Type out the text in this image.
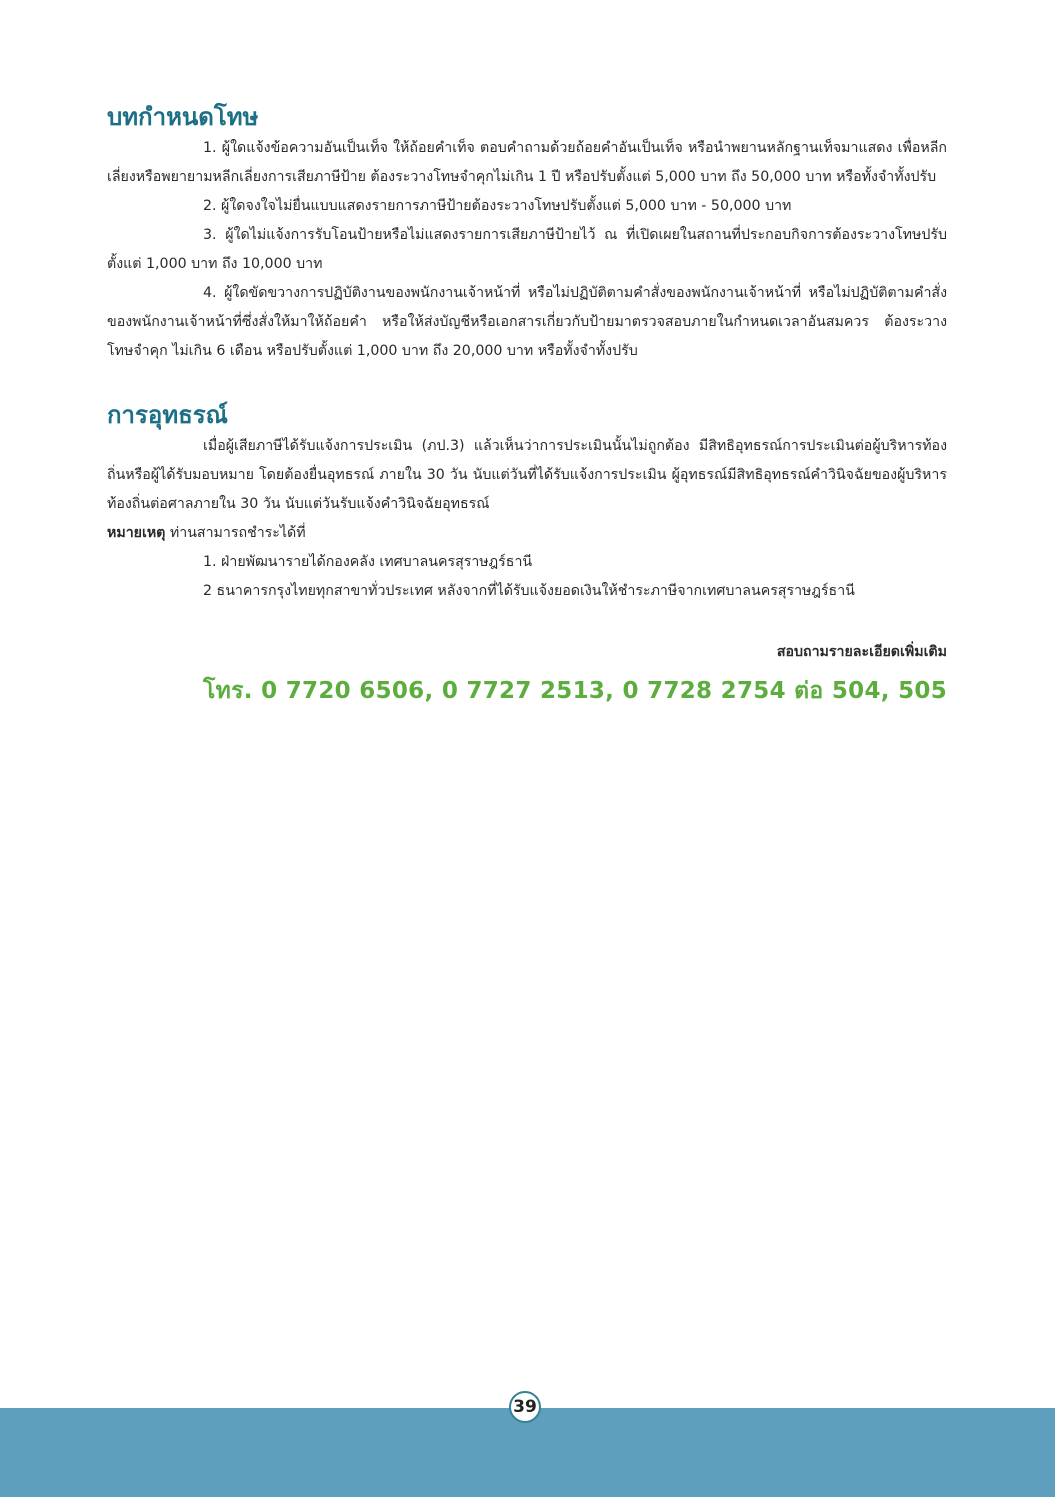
บทกำหนดโทษ

1. ผู้ใดแจ้งข้อความอันเป็นเท็จ ให้ถ้อยคำเท็จ ตอบคำถามด้วยถ้อยคำอันเป็นเท็จ หรือนำพยานหลักฐานเท็จมาแสดง เพื่อหลีกเลี่ยงหรือพยายามหลีกเลี่ยงการเสียภาษีป้าย ต้องระวางโทษจำคุกไม่เกิน 1 ปี หรือปรับตั้งแต่ 5,000 บาท ถึง 50,000 บาท หรือทั้งจำทั้งปรับ

2. ผู้ใดจงใจไม่ยื่นแบบแสดงรายการภาษีป้ายต้องระวางโทษปรับตั้งแต่ 5,000 บาท - 50,000 บาท

3. ผู้ใดไม่แจ้งการรับโอนป้ายหรือไม่แสดงรายการเสียภาษีป้ายไว้ ณ ที่เปิดเผยในสถานที่ประกอบกิจการต้องระวางโทษปรับตั้งแต่ 1,000 บาท ถึง 10,000 บาท

4. ผู้ใดขัดขวางการปฏิบัติงานของพนักงานเจ้าหน้าที่ หรือไม่ปฏิบัติตามคำสั่งของพนักงานเจ้าหน้าที่ หรือไม่ปฏิบัติตามคำสั่งของพนักงานเจ้าหน้าที่ซึ่งสั่งให้มาให้ถ้อยคำ หรือให้ส่งบัญชีหรือเอกสารเกี่ยวกับป้ายมาตรวจสอบภายในกำหนดเวลาอันสมควร ต้องระวางโทษจำคุก ไม่เกิน 6 เดือน หรือปรับตั้งแต่ 1,000 บาท ถึง 20,000 บาท หรือทั้งจำทั้งปรับ

การอุทธรณ์

เมื่อผู้เสียภาษีได้รับแจ้งการประเมิน (ภป.3) แล้วเห็นว่าการประเมินนั้นไม่ถูกต้อง มีสิทธิอุทธรณ์การประเมินต่อผู้บริหารท้องถิ่นหรือผู้ได้รับมอบหมาย โดยต้องยื่นอุทธรณ์ ภายใน 30 วัน นับแต่วันที่ได้รับแจ้งการประเมิน ผู้อุทธรณ์มีสิทธิอุทธรณ์คำวินิจฉัยของผู้บริหารท้องถิ่นต่อศาลภายใน 30 วัน นับแต่วันรับแจ้งคำวินิจฉัยอุทธรณ์

หมายเหตุ ท่านสามารถชำระได้ที่

1. ฝ่ายพัฒนารายได้กองคลัง เทศบาลนครสุราษฎร์ธานี

2 ธนาคารกรุงไทยทุกสาขาทั่วประเทศ หลังจากที่ได้รับแจ้งยอดเงินให้ชำระภาษีจากเทศบาลนครสุราษฎร์ธานี

สอบถามรายละเอียดเพิ่มเติม
โทร. 0 7720 6506, 0 7727 2513, 0 7728 2754 ต่อ 504, 505
39
